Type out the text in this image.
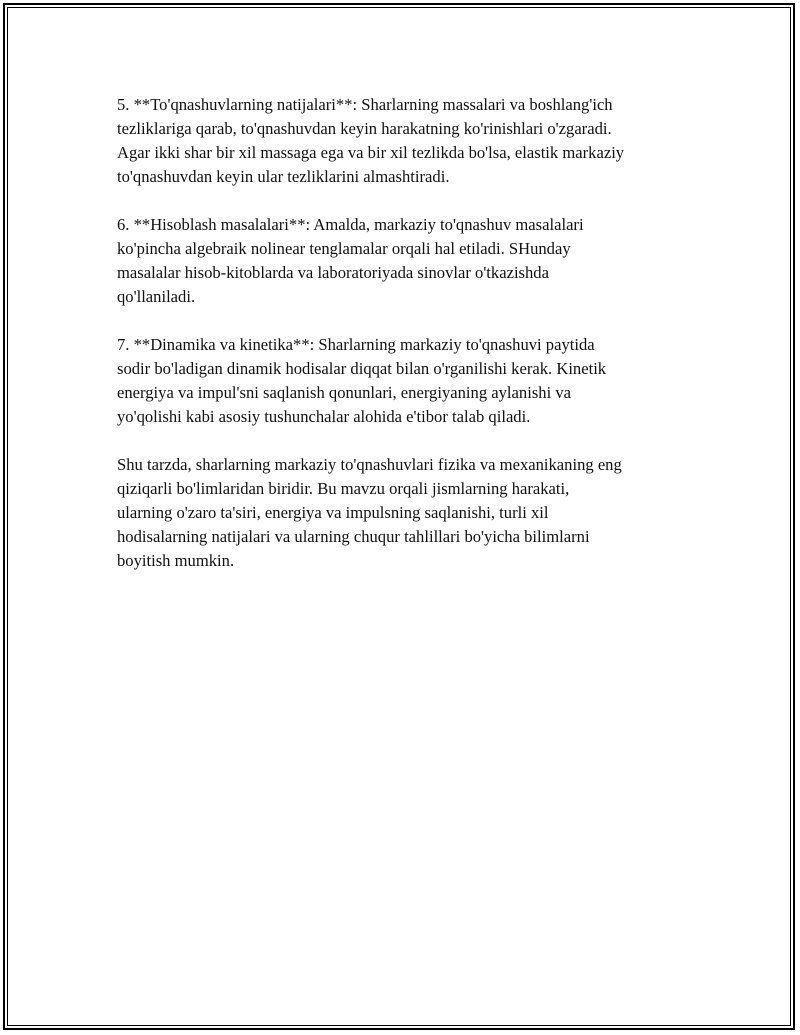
5. **To'qnashuvlarning natijalari**: Sharlarning massalari va boshlang'ich
tezliklariga qarab, to'qnashuvdan keyin harakatning ko'rinishlari o'zgaradi.
Agar ikki shar bir xil massaga ega va bir xil tezlikda bo'lsa, elastik markaziy
to'qnashuvdan keyin ular tezliklarini almashtiradi.

6. **Hisoblash masalalari**: Amalda, markaziy to'qnashuv masalalari
ko'pincha algebraik nolinear tenglamalar orqali hal etiladi. SHunday
masalalar hisob-kitoblarda va laboratoriyada sinovlar o'tkazishda
qo'llaniladi.

7. **Dinamika va kinetika**: Sharlarning markaziy to'qnashuvi paytida
sodir bo'ladigan dinamik hodisalar diqqat bilan o'rganilishi kerak. Kinetik
energiya va impul'sni saqlanish qonunlari, energiyaning aylanishi va
yo'qolishi kabi asosiy tushunchalar alohida e'tibor talab qiladi.

Shu tarzda, sharlarning markaziy to'qnashuvlari fizika va mexanikaning eng
qiziqarli bo'limlaridan biridir. Bu mavzu orqali jismlarning harakati,
ularning o'zaro ta'siri, energiya va impulsning saqlanishi, turli xil
hodisalarning natijalari va ularning chuqur tahlillari bo'yicha bilimlarni
boyitish mumkin.
